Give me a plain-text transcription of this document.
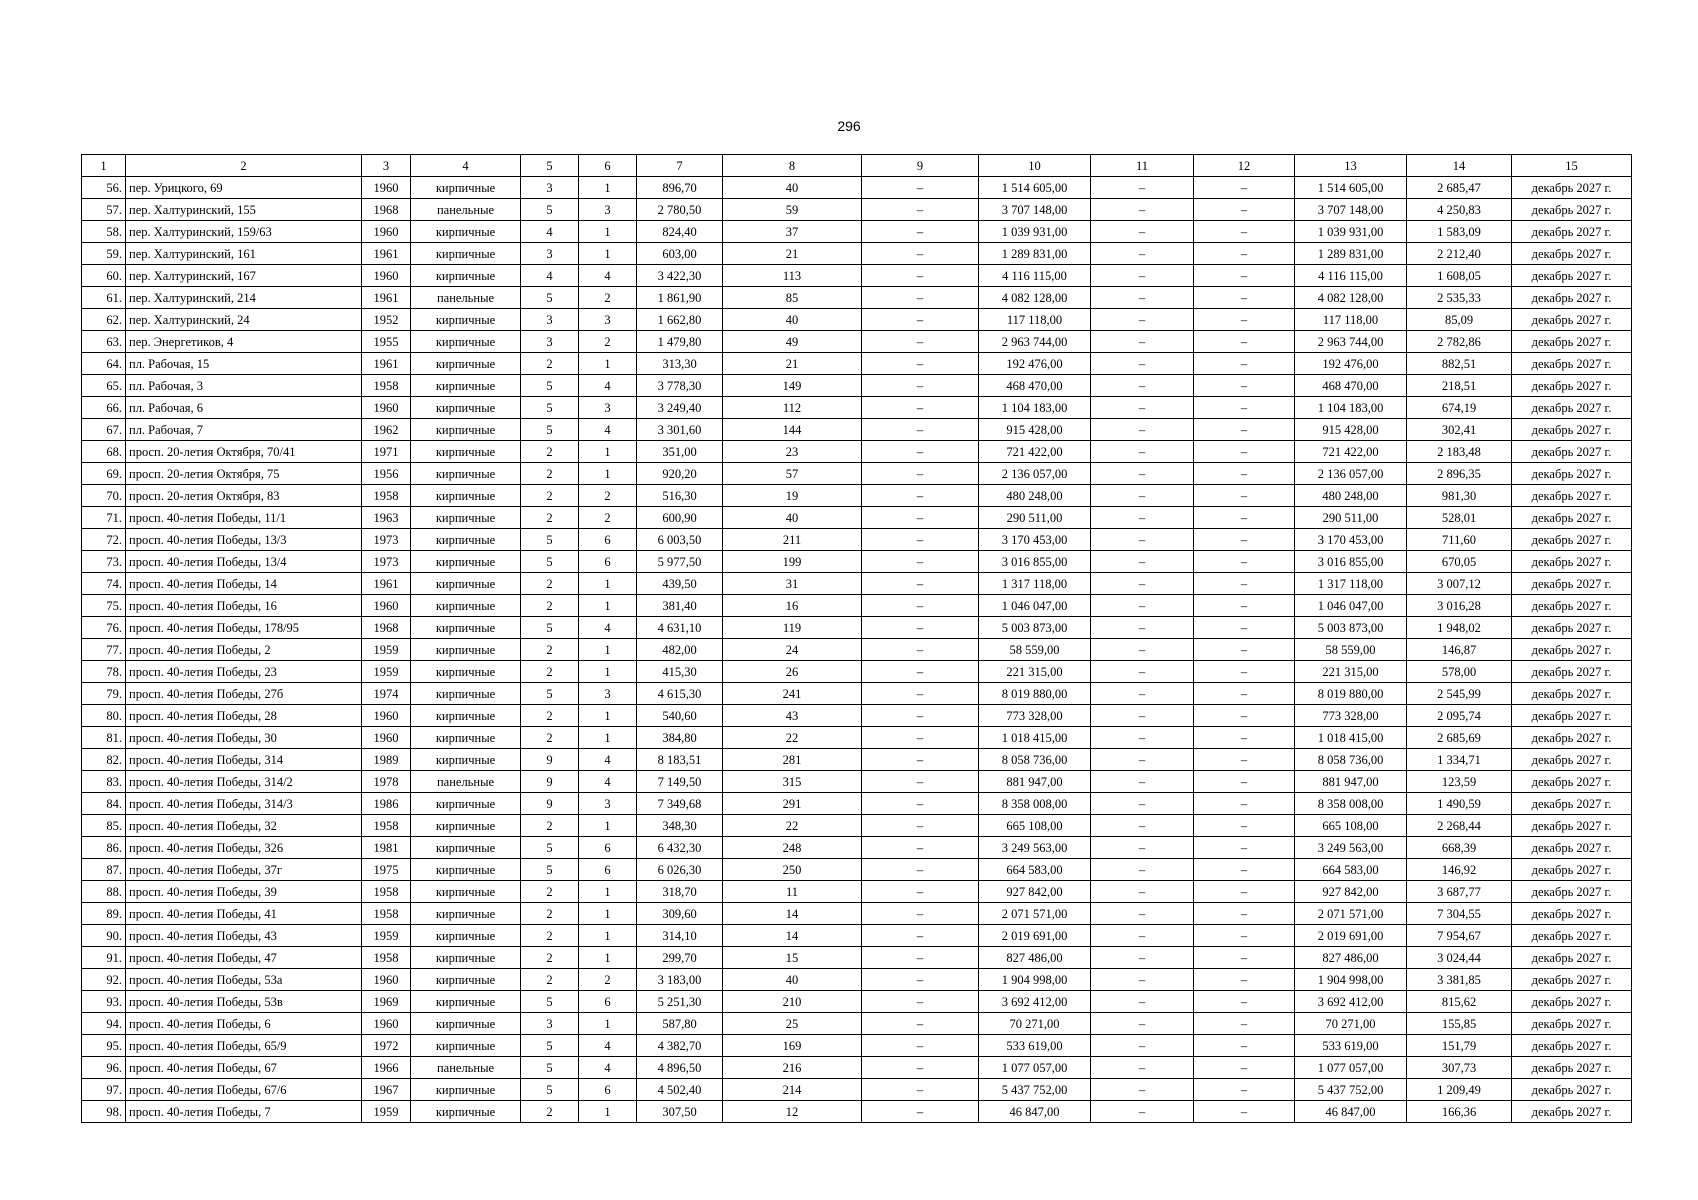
296
1	2	3	4	5	6	7	8	9	10	11	12	13	14	15
56.	пер. Урицкого, 69	1960	кирпичные	3	1	896,70	40	–	1 514 605,00	–	–	1 514 605,00	2 685,47	декабрь 2027 г.
57.	пер. Халтуринский, 155	1968	панельные	5	3	2 780,50	59	–	3 707 148,00	–	–	3 707 148,00	4 250,83	декабрь 2027 г.
58.	пер. Халтуринский, 159/63	1960	кирпичные	4	1	824,40	37	–	1 039 931,00	–	–	1 039 931,00	1 583,09	декабрь 2027 г.
59.	пер. Халтуринский, 161	1961	кирпичные	3	1	603,00	21	–	1 289 831,00	–	–	1 289 831,00	2 212,40	декабрь 2027 г.
60.	пер. Халтуринский, 167	1960	кирпичные	4	4	3 422,30	113	–	4 116 115,00	–	–	4 116 115,00	1 608,05	декабрь 2027 г.
61.	пер. Халтуринский, 214	1961	панельные	5	2	1 861,90	85	–	4 082 128,00	–	–	4 082 128,00	2 535,33	декабрь 2027 г.
62.	пер. Халтуринский, 24	1952	кирпичные	3	3	1 662,80	40	–	117 118,00	–	–	117 118,00	85,09	декабрь 2027 г.
63.	пер. Энергетиков, 4	1955	кирпичные	3	2	1 479,80	49	–	2 963 744,00	–	–	2 963 744,00	2 782,86	декабрь 2027 г.
64.	пл. Рабочая, 15	1961	кирпичные	2	1	313,30	21	–	192 476,00	–	–	192 476,00	882,51	декабрь 2027 г.
65.	пл. Рабочая, 3	1958	кирпичные	5	4	3 778,30	149	–	468 470,00	–	–	468 470,00	218,51	декабрь 2027 г.
66.	пл. Рабочая, 6	1960	кирпичные	5	3	3 249,40	112	–	1 104 183,00	–	–	1 104 183,00	674,19	декабрь 2027 г.
67.	пл. Рабочая, 7	1962	кирпичные	5	4	3 301,60	144	–	915 428,00	–	–	915 428,00	302,41	декабрь 2027 г.
68.	просп. 20-летия Октября, 70/41	1971	кирпичные	2	1	351,00	23	–	721 422,00	–	–	721 422,00	2 183,48	декабрь 2027 г.
69.	просп. 20-летия Октября, 75	1956	кирпичные	2	1	920,20	57	–	2 136 057,00	–	–	2 136 057,00	2 896,35	декабрь 2027 г.
70.	просп. 20-летия Октября, 83	1958	кирпичные	2	2	516,30	19	–	480 248,00	–	–	480 248,00	981,30	декабрь 2027 г.
71.	просп. 40-летия Победы, 11/1	1963	кирпичные	2	2	600,90	40	–	290 511,00	–	–	290 511,00	528,01	декабрь 2027 г.
72.	просп. 40-летия Победы, 13/3	1973	кирпичные	5	6	6 003,50	211	–	3 170 453,00	–	–	3 170 453,00	711,60	декабрь 2027 г.
73.	просп. 40-летия Победы, 13/4	1973	кирпичные	5	6	5 977,50	199	–	3 016 855,00	–	–	3 016 855,00	670,05	декабрь 2027 г.
74.	просп. 40-летия Победы, 14	1961	кирпичные	2	1	439,50	31	–	1 317 118,00	–	–	1 317 118,00	3 007,12	декабрь 2027 г.
75.	просп. 40-летия Победы, 16	1960	кирпичные	2	1	381,40	16	–	1 046 047,00	–	–	1 046 047,00	3 016,28	декабрь 2027 г.
76.	просп. 40-летия Победы, 178/95	1968	кирпичные	5	4	4 631,10	119	–	5 003 873,00	–	–	5 003 873,00	1 948,02	декабрь 2027 г.
77.	просп. 40-летия Победы, 2	1959	кирпичные	2	1	482,00	24	–	58 559,00	–	–	58 559,00	146,87	декабрь 2027 г.
78.	просп. 40-летия Победы, 23	1959	кирпичные	2	1	415,30	26	–	221 315,00	–	–	221 315,00	578,00	декабрь 2027 г.
79.	просп. 40-летия Победы, 27б	1974	кирпичные	5	3	4 615,30	241	–	8 019 880,00	–	–	8 019 880,00	2 545,99	декабрь 2027 г.
80.	просп. 40-летия Победы, 28	1960	кирпичные	2	1	540,60	43	–	773 328,00	–	–	773 328,00	2 095,74	декабрь 2027 г.
81.	просп. 40-летия Победы, 30	1960	кирпичные	2	1	384,80	22	–	1 018 415,00	–	–	1 018 415,00	2 685,69	декабрь 2027 г.
82.	просп. 40-летия Победы, 314	1989	кирпичные	9	4	8 183,51	281	–	8 058 736,00	–	–	8 058 736,00	1 334,71	декабрь 2027 г.
83.	просп. 40-летия Победы, 314/2	1978	панельные	9	4	7 149,50	315	–	881 947,00	–	–	881 947,00	123,59	декабрь 2027 г.
84.	просп. 40-летия Победы, 314/3	1986	кирпичные	9	3	7 349,68	291	–	8 358 008,00	–	–	8 358 008,00	1 490,59	декабрь 2027 г.
85.	просп. 40-летия Победы, 32	1958	кирпичные	2	1	348,30	22	–	665 108,00	–	–	665 108,00	2 268,44	декабрь 2027 г.
86.	просп. 40-летия Победы, 326	1981	кирпичные	5	6	6 432,30	248	–	3 249 563,00	–	–	3 249 563,00	668,39	декабрь 2027 г.
87.	просп. 40-летия Победы, 37г	1975	кирпичные	5	6	6 026,30	250	–	664 583,00	–	–	664 583,00	146,92	декабрь 2027 г.
88.	просп. 40-летия Победы, 39	1958	кирпичные	2	1	318,70	11	–	927 842,00	–	–	927 842,00	3 687,77	декабрь 2027 г.
89.	просп. 40-летия Победы, 41	1958	кирпичные	2	1	309,60	14	–	2 071 571,00	–	–	2 071 571,00	7 304,55	декабрь 2027 г.
90.	просп. 40-летия Победы, 43	1959	кирпичные	2	1	314,10	14	–	2 019 691,00	–	–	2 019 691,00	7 954,67	декабрь 2027 г.
91.	просп. 40-летия Победы, 47	1958	кирпичные	2	1	299,70	15	–	827 486,00	–	–	827 486,00	3 024,44	декабрь 2027 г.
92.	просп. 40-летия Победы, 53а	1960	кирпичные	2	2	3 183,00	40	–	1 904 998,00	–	–	1 904 998,00	3 381,85	декабрь 2027 г.
93.	просп. 40-летия Победы, 53в	1969	кирпичные	5	6	5 251,30	210	–	3 692 412,00	–	–	3 692 412,00	815,62	декабрь 2027 г.
94.	просп. 40-летия Победы, 6	1960	кирпичные	3	1	587,80	25	–	70 271,00	–	–	70 271,00	155,85	декабрь 2027 г.
95.	просп. 40-летия Победы, 65/9	1972	кирпичные	5	4	4 382,70	169	–	533 619,00	–	–	533 619,00	151,79	декабрь 2027 г.
96.	просп. 40-летия Победы, 67	1966	панельные	5	4	4 896,50	216	–	1 077 057,00	–	–	1 077 057,00	307,73	декабрь 2027 г.
97.	просп. 40-летия Победы, 67/6	1967	кирпичные	5	6	4 502,40	214	–	5 437 752,00	–	–	5 437 752,00	1 209,49	декабрь 2027 г.
98.	просп. 40-летия Победы, 7	1959	кирпичные	2	1	307,50	12	–	46 847,00	–	–	46 847,00	166,36	декабрь 2027 г.
